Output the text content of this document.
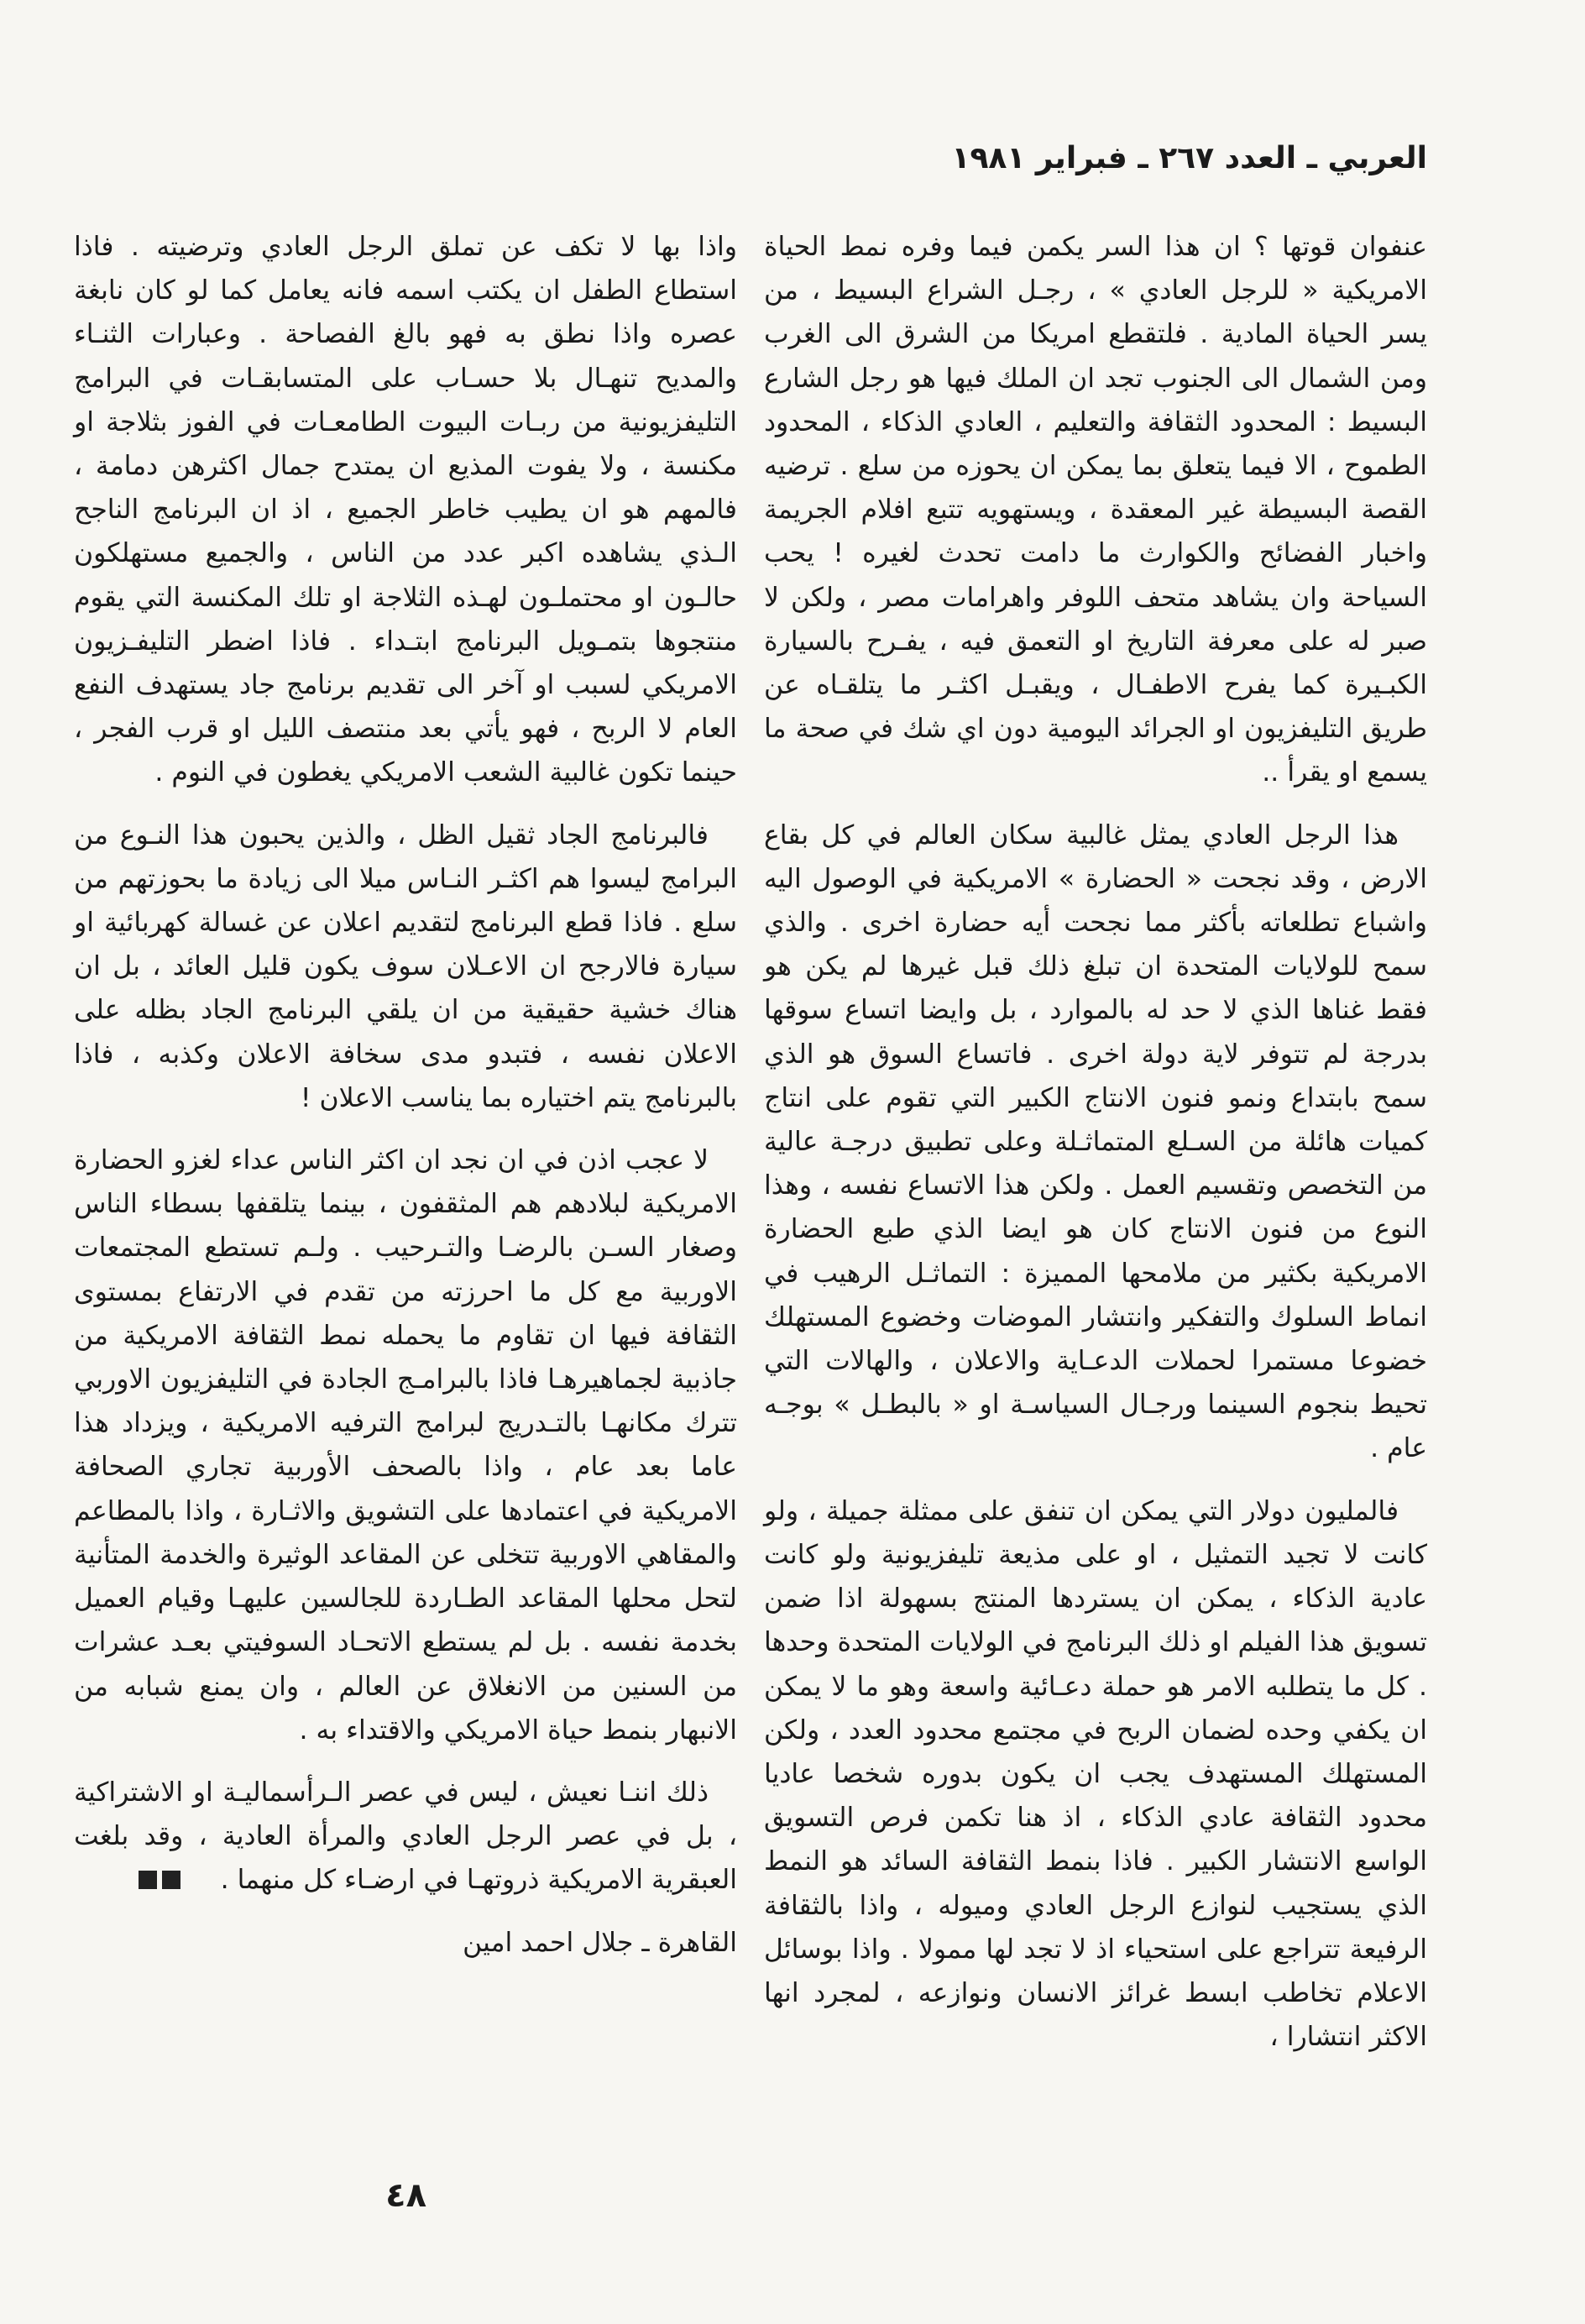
العربي ـ العدد ٢٦٧ ـ فبراير ١٩٨١

عنفوان قوتها ؟ ان هذا السر يكمن فيما وفره نمط الحياة الامريكية « للرجل العادي » ، رجـل الشراع البسيط ، من يسر الحياة المادية . فلتقطع امريكا من الشرق الى الغرب ومن الشمال الى الجنوب تجد ان الملك فيها هو رجل الشارع البسيط : المحدود الثقافة والتعليم ، العادي الذكاء ، المحدود الطموح ، الا فيما يتعلق بما يمكن ان يحوزه من سلع . ترضيه القصة البسيطة غير المعقدة ، ويستهويه تتبع افلام الجريمة واخبار الفضائح والكوارث ما دامت تحدث لغيره ! يحب السياحة وان يشاهد متحف اللوفر واهرامات مصر ، ولكن لا صبر له على معرفة التاريخ او التعمق فيه ، يفـرح بالسيارة الكبـيرة كما يفرح الاطفـال ، ويقبـل اكثـر ما يتلقـاه عن طريق التليفزيون او الجرائد اليومية دون اي شك في صحة ما يسمع او يقرأ ..

هذا الرجل العادي يمثل غالبية سكان العالم في كل بقاع الارض ، وقد نجحت « الحضارة » الامريكية في الوصول اليه واشباع تطلعاته بأكثر مما نجحت أيه حضارة اخرى . والذي سمح للولايات المتحدة ان تبلغ ذلك قبل غيرها لم يكن هو فقط غناها الذي لا حد له بالموارد ، بل وايضا اتساع سوقها بدرجة لم تتوفر لاية دولة اخرى . فاتساع السوق هو الذي سمح بابتداع ونمو فنون الانتاج الكبير التي تقوم على انتاج كميات هائلة من السـلع المتماثـلة وعلى تطبيق درجـة عالية من التخصص وتقسيم العمل . ولكن هذا الاتساع نفسه ، وهذا النوع من فنون الانتاج كان هو ايضا الذي طبع الحضارة الامريكية بكثير من ملامحها المميزة : التماثـل الرهيب في انماط السلوك والتفكير وانتشار الموضات وخضوع المستهلك خضوعا مستمرا لحملات الدعـاية والاعلان ، والهالات التي تحيط بنجوم السينما ورجـال السياسـة او « بالبطـل » بوجـه عام .

فالمليون دولار التي يمكن ان تنفق على ممثلة جميلة ، ولو كانت لا تجيد التمثيل ، او على مذيعة تليفزيونية ولو كانت عادية الذكاء ، يمكن ان يستردها المنتج بسهولة اذا ضمن تسويق هذا الفيلم او ذلك البرنامج في الولايات المتحدة وحدها . كل ما يتطلبه الامر هو حملة دعـائية واسعة وهو ما لا يمكن ان يكفي وحده لضمان الربح في مجتمع محدود العدد ، ولكن المستهلك المستهدف يجب ان يكون بدوره شخصا عاديا محدود الثقافة عادي الذكاء ، اذ هنا تكمن فرص التسويق الواسع الانتشار الكبير . فاذا بنمط الثقافة السائد هو النمط الذي يستجيب لنوازع الرجل العادي وميوله ، واذا بالثقافة الرفيعة تتراجع على استحياء اذ لا تجد لها ممولا . واذا بوسائل الاعلام تخاطب ابسط غرائز الانسان ونوازعه ، لمجرد انها الاكثر انتشارا ،

واذا بها لا تكف عن تملق الرجل العادي وترضيته . فاذا استطاع الطفل ان يكتب اسمه فانه يعامل كما لو كان نابغة عصره واذا نطق به فهو بالغ الفصاحة . وعبارات الثنـاء والمديح تنهـال بلا حسـاب على المتسابقـات في البرامج التليفزيونية من ربـات البيوت الطامعـات في الفوز بثلاجة او مكنسة ، ولا يفوت المذيع ان يمتدح جمال اكثرهن دمامة ، فالمهم هو ان يطيب خاطر الجميع ، اذ ان البرنامج الناجح الـذي يشاهده اكبر عدد من الناس ، والجميع مستهلكون حالـون او محتملـون لهـذه الثلاجة او تلك المكنسة التي يقوم منتجوها بتمـويل البرنامج ابتـداء . فاذا اضطر التليفـزيون الامريكي لسبب او آخر الى تقديم برنامج جاد يستهدف النفع العام لا الربح ، فهو يأتي بعد منتصف الليل او قرب الفجر ، حينما تكون غالبية الشعب الامريكي يغطون في النوم .

فالبرنامج الجاد ثقيل الظل ، والذين يحبون هذا النـوع من البرامج ليسوا هم اكثـر النـاس ميلا الى زيادة ما بحوزتهم من سلع . فاذا قطع البرنامج لتقديم اعلان عن غسالة كهربائية او سيارة فالارجح ان الاعـلان سوف يكون قليل العائد ، بل ان هناك خشية حقيقية من ان يلقي البرنامج الجاد بظله على الاعلان نفسه ، فتبدو مدى سخافة الاعلان وكذبه ، فاذا بالبرنامج يتم اختياره بما يناسب الاعلان !

لا عجب اذن في ان نجد ان اكثر الناس عداء لغزو الحضارة الامريكية لبلادهم هم المثقفون ، بينما يتلقفها بسطاء الناس وصغار السـن بالرضـا والتـرحيب . ولـم تستطع المجتمعات الاوربية مع كل ما احرزته من تقدم في الارتفاع بمستوى الثقافة فيها ان تقاوم ما يحمله نمط الثقافة الامريكية من جاذبية لجماهيرهـا فاذا بالبرامـج الجادة في التليفزيون الاوربي تترك مكانهـا بالتـدريج لبرامج الترفيه الامريكية ، ويزداد هذا عاما بعد عام ، واذا بالصحف الأوربية تجاري الصحافة الامريكية في اعتمادها على التشويق والاثـارة ، واذا بالمطاعم والمقاهي الاوربية تتخلى عن المقاعد الوثيرة والخدمة المتأنية لتحل محلها المقاعد الطـاردة للجالسين عليهـا وقيام العميل بخدمة نفسه . بل لم يستطع الاتحـاد السوفيتي بعـد عشرات من السنين من الانغلاق عن العالم ، وان يمنع شبابه من الانبهار بنمط حياة الامريكي والاقتداء به .

ذلك اننـا نعيش ، ليس في عصر الـرأسماليـة او الاشتراكية ، بل في عصر الرجل العادي والمرأة العادية ، وقد بلغت العبقرية الامريكية ذروتهـا في ارضـاء كل منهما .

القاهرة ـ جلال احمد امين
٤٨
